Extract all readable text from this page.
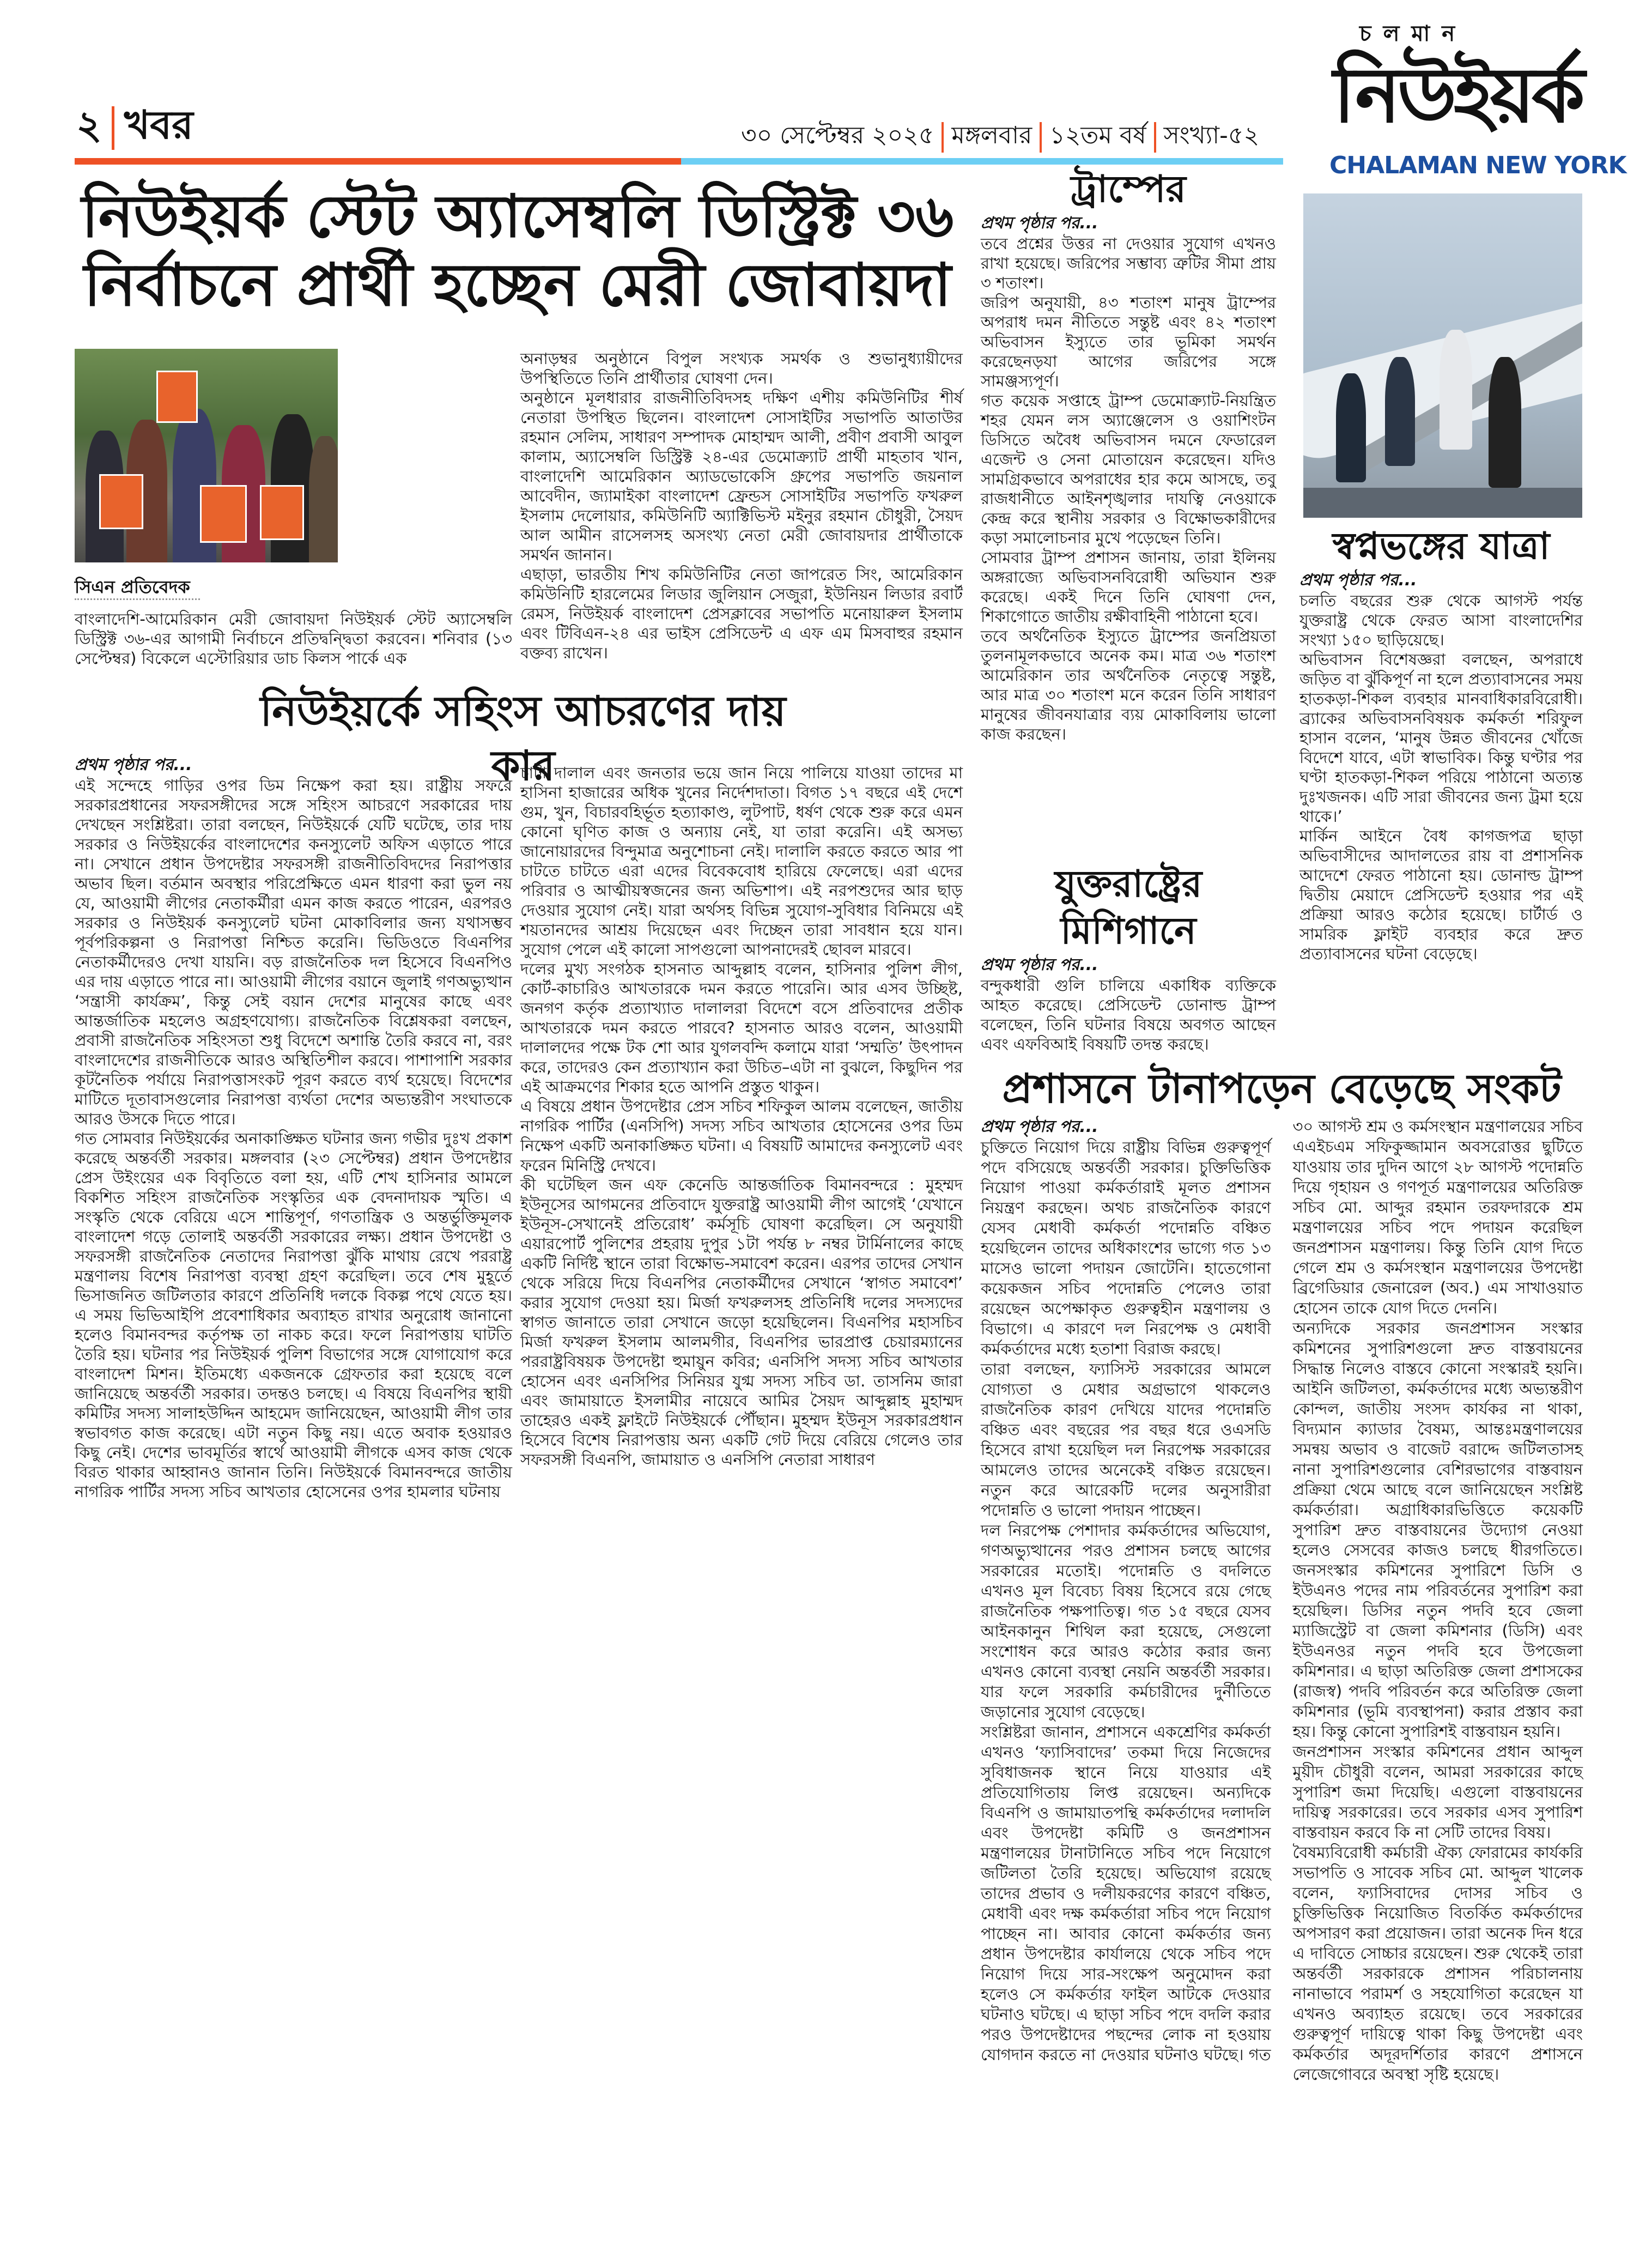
২ খবর	৩০ সেপ্টেম্বর ২০২৫ মঙ্গলবার ১২তম বর্ষ সংখ্যা-৫২
চলমান
নিউইয়র্ক
CHALAMAN NEW YORK
নিউইয়র্ক স্টেট অ্যাসেম্বলি ডিস্ট্রিক্ট ৩৬
নির্বাচনে প্রার্থী হচ্ছেন মেরী জোবায়দা
সিএন প্রতিবেদক

বাংলাদেশি-আমেরিকান মেরী জোবায়দা নিউইয়র্ক স্টেট অ্যাসেম্বলি ডিস্ট্রিক্ট ৩৬-এর আগামী নির্বাচনে প্রতিদ্বন্দ্বিতা করবেন। শনিবার (১৩ সেপ্টেম্বর) বিকেলে এস্টোরিয়ার ডাচ কিলস পার্কে এক

অনাড়ম্বর অনুষ্ঠানে বিপুল সংখ্যক সমর্থক ও শুভানুধ্যায়ীদের উপস্থিতিতে তিনি প্রার্থীতার ঘোষণা দেন।

অনুষ্ঠানে মূলধারার রাজনীতিবিদসহ দক্ষিণ এশীয় কমিউনিটির শীর্ষ নেতারা উপস্থিত ছিলেন। বাংলাদেশ সোসাইটির সভাপতি আতাউর রহমান সেলিম, সাধারণ সম্পাদক মোহাম্মদ আলী, প্রবীণ প্রবাসী আবুল কালাম, অ্যাসেম্বলি ডিস্ট্রিক্ট ২৪-এর ডেমোক্র্যাট প্রার্থী মাহতাব খান, বাংলাদেশি আমেরিকান অ্যাডভোকেসি গ্রুপের সভাপতি জয়নাল আবেদীন, জ্যামাইকা বাংলাদেশ ফ্রেন্ডস সোসাইটির সভাপতি ফখরুল ইসলাম দেলোয়ার, কমিউনিটি অ্যাক্টিভিস্ট মইনুর রহমান চৌধুরী, সৈয়দ আল আমীন রাসেলসহ অসংখ্য নেতা মেরী জোবায়দার প্রার্থীতাকে সমর্থন জানান।

এছাড়া, ভারতীয় শিখ কমিউনিটির নেতা জাপরেত সিং, আমেরিকান কমিউনিটি হারলেমের লিডার জুলিয়ান সেজুরা, ইউনিয়ন লিডার রবার্ট রেমস, নিউইয়র্ক বাংলাদেশ প্রেসক্লাবের সভাপতি মনোয়ারুল ইসলাম এবং টিবিএন-২৪ এর ভাইস প্রেসিডেন্ট এ এফ এম মিসবাহুর রহমান বক্তব্য রাখেন।

নিউইয়র্কে সহিংস আচরণের দায় কার

প্রথম পৃষ্ঠার পর...

এই সন্দেহে গাড়ির ওপর ডিম নিক্ষেপ করা হয়। রাষ্ট্রীয় সফরে সরকারপ্রধানের সফরসঙ্গীদের সঙ্গে সহিংস আচরণে সরকারের দায় দেখছেন সংশ্লিষ্টরা। তারা বলছেন, নিউইয়র্কে যেটি ঘটেছে, তার দায় সরকার ও নিউইয়র্কের বাংলাদেশের কনস্যুলেট অফিস এড়াতে পারে না। সেখানে প্রধান উপদেষ্টার সফরসঙ্গী রাজনীতিবিদদের নিরাপত্তার অভাব ছিল। বর্তমান অবস্থার পরিপ্রেক্ষিতে এমন ধারণা করা ভুল নয় যে, আওয়ামী লীগের নেতাকর্মীরা এমন কাজ করতে পারেন, এরপরও সরকার ও নিউইয়র্ক কনস্যুলেট ঘটনা মোকাবিলার জন্য যথাসম্ভব পূর্বপরিকল্পনা ও নিরাপত্তা নিশ্চিত করেনি। ভিডিওতে বিএনপির নেতাকর্মীদেরও দেখা যায়নি। বড় রাজনৈতিক দল হিসেবে বিএনপিও এর দায় এড়াতে পারে না। আওয়ামী লীগের বয়ানে জুলাই গণঅভ্যুত্থান ‘সন্ত্রাসী কার্যক্রম’, কিন্তু সেই বয়ান দেশের মানুষের কাছে এবং আন্তর্জাতিক মহলেও অগ্রহণযোগ্য। রাজনৈতিক বিশ্লেষকরা বলছেন, প্রবাসী রাজনৈতিক সহিংসতা শুধু বিদেশে অশান্তি তৈরি করবে না, বরং বাংলাদেশের রাজনীতিকে আরও অস্থিতিশীল করবে। পাশাপাশি সরকার কূটনৈতিক পর্যায়ে নিরাপত্তাসংকট পূরণ করতে ব্যর্থ হয়েছে। বিদেশের মাটিতে দূতাবাসগুলোর নিরাপত্তা ব্যর্থতা দেশের অভ্যন্তরীণ সংঘাতকে আরও উসকে দিতে পারে।

গত সোমবার নিউইয়র্কের অনাকাঙ্ক্ষিত ঘটনার জন্য গভীর দুঃখ প্রকাশ করেছে অন্তর্বর্তী সরকার। মঙ্গলবার (২৩ সেপ্টেম্বর) প্রধান উপদেষ্টার প্রেস উইংয়ের এক বিবৃতিতে বলা হয়, এটি শেখ হাসিনার আমলে বিকশিত সহিংস রাজনৈতিক সংস্কৃতির এক বেদনাদায়ক স্মৃতি। এ সংস্কৃতি থেকে বেরিয়ে এসে শান্তিপূর্ণ, গণতান্ত্রিক ও অন্তর্ভুক্তিমূলক বাংলাদেশ গড়ে তোলাই অন্তর্বর্তী সরকারের লক্ষ্য। প্রধান উপদেষ্টা ও সফরসঙ্গী রাজনৈতিক নেতাদের নিরাপত্তা ঝুঁকি মাথায় রেখে পররাষ্ট্র মন্ত্রণালয় বিশেষ নিরাপত্তা ব্যবস্থা গ্রহণ করেছিল। তবে শেষ মুহূর্তে ভিসাজনিত জটিলতার কারণে প্রতিনিধি দলকে বিকল্প পথে যেতে হয়। এ সময় ভিভিআইপি প্রবেশাধিকার অব্যাহত রাখার অনুরোধ জানানো হলেও বিমানবন্দর কর্তৃপক্ষ তা নাকচ করে। ফলে নিরাপত্তায় ঘাটতি তৈরি হয়। ঘটনার পর নিউইয়র্ক পুলিশ বিভাগের সঙ্গে যোগাযোগ করে বাংলাদেশ মিশন। ইতিমধ্যে একজনকে গ্রেফতার করা হয়েছে বলে জানিয়েছে অন্তর্বর্তী সরকার। তদন্তও চলছে। এ বিষয়ে বিএনপির স্থায়ী কমিটির সদস্য সালাহউদ্দিন আহমেদ জানিয়েছেন, আওয়ামী লীগ তার স্বভাবগত কাজ করেছে। এটা নতুন কিছু নয়। এতে অবাক হওয়ারও কিছু নেই। দেশের ভাবমূর্তির স্বার্থে আওয়ামী লীগকে এসব কাজ থেকে বিরত থাকার আহ্বানও জানান তিনি। নিউইয়র্কে বিমানবন্দরে জাতীয় নাগরিক পার্টির সদস্য সচিব আখতার হোসেনের ওপর হামলার ঘটনায়

চাটা দালাল এবং জনতার ভয়ে জান নিয়ে পালিয়ে যাওয়া তাদের মা হাসিনা হাজারের অধিক খুনের নির্দেশদাতা। বিগত ১৭ বছরে এই দেশে গুম, খুন, বিচারবহির্ভূত হত্যাকাণ্ড, লুটপাট, ধর্ষণ থেকে শুরু করে এমন কোনো ঘৃণিত কাজ ও অন্যায় নেই, যা তারা করেনি। এই অসভ্য জানোয়ারদের বিন্দুমাত্র অনুশোচনা নেই। দালালি করতে করতে আর পা চাটতে চাটতে এরা এদের বিবেকবোধ হারিয়ে ফেলেছে। এরা এদের পরিবার ও আত্মীয়স্বজনের জন্য অভিশাপ। এই নরপশুদের আর ছাড় দেওয়ার সুযোগ নেই। যারা অর্থসহ বিভিন্ন সুযোগ-সুবিধার বিনিময়ে এই শয়তানদের আশ্রয় দিয়েছেন এবং দিচ্ছেন তারা সাবধান হয়ে যান। সুযোগ পেলে এই কালো সাপগুলো আপনাদেরই ছোবল মারবে।

দলের মুখ্য সংগঠক হাসনাত আব্দুল্লাহ বলেন, হাসিনার পুলিশ লীগ, কোর্ট-কাচারিও আখতারকে দমন করতে পারেনি। আর এসব উচ্ছিষ্ট, জনগণ কর্তৃক প্রত্যাখ্যাত দালালরা বিদেশে বসে প্রতিবাদের প্রতীক আখতারকে দমন করতে পারবে? হাসনাত আরও বলেন, আওয়ামী দালালদের পক্ষে টক শো আর যুগলবন্দি কলামে যারা ‘সম্মতি’ উৎপাদন করে, তাদেরও কেন প্রত্যাখ্যান করা উচিত–এটা না বুঝলে, কিছুদিন পর এই আক্রমণের শিকার হতে আপনি প্রস্তুত থাকুন।

এ বিষয়ে প্রধান উপদেষ্টার প্রেস সচিব শফিকুল আলম বলেছেন, জাতীয় নাগরিক পার্টির (এনসিপি) সদস্য সচিব আখতার হোসেনের ওপর ডিম নিক্ষেপ একটি অনাকাঙ্ক্ষিত ঘটনা। এ বিষয়টি আমাদের কনস্যুলেট এবং ফরেন মিনিস্ট্রি দেখবে।

কী ঘটেছিল জন এফ কেনেডি আন্তর্জাতিক বিমানবন্দরে : মুহম্মদ ইউনূসের আগমনের প্রতিবাদে যুক্তরাষ্ট্র আওয়ামী লীগ আগেই ‘যেখানে ইউনূস-সেখানেই প্রতিরোধ’ কর্মসূচি ঘোষণা করেছিল। সে অনুযায়ী এয়ারপোর্ট পুলিশের প্রহরায় দুপুর ১টা পর্যন্ত ৮ নম্বর টার্মিনালের কাছে একটি নির্দিষ্ট স্থানে তারা বিক্ষোভ-সমাবেশ করেন। এরপর তাদের সেখান থেকে সরিয়ে দিয়ে বিএনপির নেতাকর্মীদের সেখানে ‘স্বাগত সমাবেশ’ করার সুযোগ দেওয়া হয়। মির্জা ফখরুলসহ প্রতিনিধি দলের সদস্যদের স্বাগত জানাতে তারা সেখানে জড়ো হয়েছিলেন। বিএনপির মহাসচিব মির্জা ফখরুল ইসলাম আলমগীর, বিএনপির ভারপ্রাপ্ত চেয়ারম্যানের পররাষ্ট্রবিষয়ক উপদেষ্টা হুমায়ুন কবির; এনসিপি সদস্য সচিব আখতার হোসেন এবং এনসিপির সিনিয়র যুগ্ম সদস্য সচিব ডা. তাসনিম জারা এবং জামায়াতে ইসলামীর নায়েবে আমির সৈয়দ আব্দুল্লাহ মুহাম্মদ তাহেরও একই ফ্লাইটে নিউইয়র্কে পৌঁছান। মুহম্মদ ইউনূস সরকারপ্রধান হিসেবে বিশেষ নিরাপত্তায় অন্য একটি গেট দিয়ে বেরিয়ে গেলেও তার সফরসঙ্গী বিএনপি, জামায়াত ও এনসিপি নেতারা সাধারণ

ট্রাম্পের

প্রথম পৃষ্ঠার পর...

তবে প্রশ্নের উত্তর না দেওয়ার সুযোগ এখনও রাখা হয়েছে। জরিপের সম্ভাব্য ত্রুটির সীমা প্রায় ৩ শতাংশ।

জরিপ অনুযায়ী, ৪৩ শতাংশ মানুষ ট্রাম্পের অপরাধ দমন নীতিতে সন্তুষ্ট এবং ৪২ শতাংশ অভিবাসন ইস্যুতে তার ভূমিকা সমর্থন করেছেনড়যা আগের জরিপের সঙ্গে সামঞ্জস্যপূর্ণ।

গত কয়েক সপ্তাহে ট্রাম্প ডেমোক্র্যাট-নিয়ন্ত্রিত শহর যেমন লস অ্যাঞ্জেলেস ও ওয়াশিংটন ডিসিতে অবৈধ অভিবাসন দমনে ফেডারেল এজেন্ট ও সেনা মোতায়েন করেছেন। যদিও সামগ্রিকভাবে অপরাধের হার কমে আসছে, তবু রাজধানীতে আইনশৃঙ্খলার দাযত্বি নেওয়াকে কেন্দ্র করে স্থানীয় সরকার ও বিক্ষোভকারীদের কড়া সমালোচনার মুখে পড়েছেন তিনি।

সোমবার ট্রাম্প প্রশাসন জানায়, তারা ইলিনয় অঙ্গরাজ্যে অভিবাসনবিরোধী অভিযান শুরু করেছে। একই দিনে তিনি ঘোষণা দেন, শিকাগোতে জাতীয় রক্ষীবাহিনী পাঠানো হবে।

তবে অর্থনৈতিক ইস্যুতে ট্রাম্পের জনপ্রিয়তা তুলনামূলকভাবে অনেক কম। মাত্র ৩৬ শতাংশ আমেরিকান তার অর্থনৈতিক নেতৃত্বে সন্তুষ্ট, আর মাত্র ৩০ শতাংশ মনে করেন তিনি সাধারণ মানুষের জীবনযাত্রার ব্যয় মোকাবিলায় ভালো কাজ করছেন।

যুক্তরাষ্ট্রের মিশিগানে

প্রথম পৃষ্ঠার পর...

বন্দুকধারী গুলি চালিয়ে একাধিক ব্যক্তিকে আহত করেছে। প্রেসিডেন্ট ডোনাল্ড ট্রাম্প বলেছেন, তিনি ঘটনার বিষয়ে অবগত আছেন এবং এফবিআই বিষয়টি তদন্ত করছে।

স্বপ্নভঙ্গের যাত্রা

প্রথম পৃষ্ঠার পর...

চলতি বছরের শুরু থেকে আগস্ট পর্যন্ত যুক্তরাষ্ট্র থেকে ফেরত আসা বাংলাদেশির সংখ্যা ১৫০ ছাড়িয়েছে।

অভিবাসন বিশেষজ্ঞরা বলছেন, অপরাধে জড়িত বা ঝুঁকিপূর্ণ না হলে প্রত্যাবাসনের সময় হাতকড়া-শিকল ব্যবহার মানবাধিকারবিরোধী। ব্র্যাকের অভিবাসনবিষয়ক কর্মকর্তা শরিফুল হাসান বলেন, ‘মানুষ উন্নত জীবনের খোঁজে বিদেশে যাবে, এটা স্বাভাবিক। কিন্তু ঘণ্টার পর ঘণ্টা হাতকড়া-শিকল পরিয়ে পাঠানো অত্যন্ত দুঃখজনক। এটি সারা জীবনের জন্য ট্রমা হয়ে থাকে।’

মার্কিন আইনে বৈধ কাগজপত্র ছাড়া অভিবাসীদের আদালতের রায় বা প্রশাসনিক আদেশে ফেরত পাঠানো হয়। ডোনাল্ড ট্রাম্প দ্বিতীয় মেয়াদে প্রেসিডেন্ট হওয়ার পর এই প্রক্রিয়া আরও কঠোর হয়েছে। চার্টার্ড ও সামরিক ফ্লাইট ব্যবহার করে দ্রুত প্রত্যাবাসনের ঘটনা বেড়েছে।

প্রশাসনে টানাপড়েন বেড়েছে সংকট

প্রথম পৃষ্ঠার পর...

চুক্তিতে নিয়োগ দিয়ে রাষ্ট্রীয় বিভিন্ন গুরুত্বপূর্ণ পদে বসিয়েছে অন্তর্বর্তী সরকার। চুক্তিভিত্তিক নিয়োগ পাওয়া কর্মকর্তারাই মূলত প্রশাসন নিয়ন্ত্রণ করছেন। অথচ রাজনৈতিক কারণে যেসব মেধাবী কর্মকর্তা পদোন্নতি বঞ্চিত হয়েছিলেন তাদের অধিকাংশের ভাগ্যে গত ১৩ মাসেও ভালো পদায়ন জোটেনি। হাতেগোনা কয়েকজন সচিব পদোন্নতি পেলেও তারা রয়েছেন অপেক্ষাকৃত গুরুত্বহীন মন্ত্রণালয় ও বিভাগে। এ কারণে দল নিরপেক্ষ ও মেধাবী কর্মকর্তাদের মধ্যে হতাশা বিরাজ করছে।

তারা বলছেন, ফ্যাসিস্ট সরকারের আমলে যোগ্যতা ও মেধার অগ্রভাগে থাকলেও রাজনৈতিক কারণ দেখিয়ে যাদের পদোন্নতি বঞ্চিত এবং বছরের পর বছর ধরে ওএসডি হিসেবে রাখা হয়েছিল দল নিরপেক্ষ সরকারের আমলেও তাদের অনেকেই বঞ্চিত রয়েছেন। নতুন করে আরেকটি দলের অনুসারীরা পদোন্নতি ও ভালো পদায়ন পাচ্ছেন।

দল নিরপেক্ষ পেশাদার কর্মকর্তাদের অভিযোগ, গণঅভ্যুত্থানের পরও প্রশাসন চলছে আগের সরকারের মতোই। পদোন্নতি ও বদলিতে এখনও মূল বিবেচ্য বিষয় হিসেবে রয়ে গেছে রাজনৈতিক পক্ষপাতিত্ব। গত ১৫ বছরে যেসব আইনকানুন শিথিল করা হয়েছে, সেগুলো সংশোধন করে আরও কঠোর করার জন্য এখনও কোনো ব্যবস্থা নেয়নি অন্তর্বর্তী সরকার। যার ফলে সরকারি কর্মচারীদের দুর্নীতিতে জড়ানোর সুযোগ বেড়েছে।

সংশ্লিষ্টরা জানান, প্রশাসনে একশ্রেণির কর্মকর্তা এখনও ‘ফ্যাসিবাদের’ তকমা দিয়ে নিজেদের সুবিধাজনক স্থানে নিয়ে যাওয়ার এই প্রতিযোগিতায় লিপ্ত রয়েছেন। অন্যদিকে বিএনপি ও জামায়াতপন্থি কর্মকর্তাদের দলাদলি এবং উপদেষ্টা কমিটি ও জনপ্রশাসন মন্ত্রণালয়ের টানাটানিতে সচিব পদে নিয়োগে জটিলতা তৈরি হয়েছে। অভিযোগ রয়েছে তাদের প্রভাব ও দলীয়করণের কারণে বঞ্চিত, মেধাবী এবং দক্ষ কর্মকর্তারা সচিব পদে নিয়োগ পাচ্ছেন না। আবার কোনো কর্মকর্তার জন্য প্রধান উপদেষ্টার কার্যালয়ে থেকে সচিব পদে নিয়োগ দিয়ে সার-সংক্ষেপ অনুমোদন করা হলেও সে কর্মকর্তার ফাইল আটকে দেওয়ার ঘটনাও ঘটছে। এ ছাড়া সচিব পদে বদলি করার পরও উপদেষ্টাদের পছন্দের লোক না হওয়ায় যোগদান করতে না দেওয়ার ঘটনাও ঘটছে। গত ৩০ আগস্ট শ্রম ও কর্মসংস্থান মন্ত্রণালয়ের সচিব এএইচএম সফিকুজ্জামান অবসরোত্তর ছুটিতে যাওয়ায় তার দুদিন আগে ২৮ আগস্ট পদোন্নতি দিয়ে গৃহায়ন ও গণপূর্ত মন্ত্রণালয়ের অতিরিক্ত সচিব মো. আব্দুর রহমান তরফদারকে শ্রম মন্ত্রণালয়ের সচিব পদে পদায়ন করেছিল জনপ্রশাসন মন্ত্রণালয়। কিন্তু তিনি যোগ দিতে গেলে শ্রম ও কর্মসংস্থান মন্ত্রণালয়ের উপদেষ্টা ব্রিগেডিয়ার জেনারেল (অব.) এম সাখাওয়াত হোসেন তাকে যোগ দিতে দেননি।

অন্যদিকে সরকার জনপ্রশাসন সংস্কার কমিশনের সুপারিশগুলো দ্রুত বাস্তবায়নের সিদ্ধান্ত নিলেও বাস্তবে কোনো সংস্কারই হয়নি। আইনি জটিলতা, কর্মকর্তাদের মধ্যে অভ্যন্তরীণ কোন্দল, জাতীয় সংসদ কার্যকর না থাকা, বিদ্যমান ক্যাডার বৈষম্য, আন্তঃমন্ত্রণালয়ের সমন্বয় অভাব ও বাজেট বরাদ্দে জটিলতাসহ নানা সুপারিশগুলোর বেশিরভাগের বাস্তবায়ন প্রক্রিয়া থেমে আছে বলে জানিয়েছেন সংশ্লিষ্ট কর্মকর্তারা। অগ্রাধিকারভিত্তিতে কয়েকটি সুপারিশ দ্রুত বাস্তবায়নের উদ্যোগ নেওয়া হলেও সেসবের কাজও চলছে ধীরগতিতে। জনসংস্কার কমিশনের সুপারিশে ডিসি ও ইউএনও পদের নাম পরিবর্তনের সুপারিশ করা হয়েছিল। ডিসির নতুন পদবি হবে জেলা ম্যাজিস্ট্রেট বা জেলা কমিশনার (ডিসি) এবং ইউএনওর নতুন পদবি হবে উপজেলা কমিশনার। এ ছাড়া অতিরিক্ত জেলা প্রশাসকের (রাজস্ব) পদবি পরিবর্তন করে অতিরিক্ত জেলা কমিশনার (ভূমি ব্যবস্থাপনা) করার প্রস্তাব করা হয়। কিন্তু কোনো সুপারিশই বাস্তবায়ন হয়নি।

জনপ্রশাসন সংস্কার কমিশনের প্রধান আব্দুল মুয়ীদ চৌধুরী বলেন, আমরা সরকারের কাছে সুপারিশ জমা দিয়েছি। এগুলো বাস্তবায়নের দায়িত্ব সরকারের। তবে সরকার এসব সুপারিশ বাস্তবায়ন করবে কি না সেটি তাদের বিষয়।

বৈষম্যবিরোধী কর্মচারী ঐক্য ফোরামের কার্যকরি সভাপতি ও সাবেক সচিব মো. আব্দুল খালেক বলেন, ফ্যাসিবাদের দোসর সচিব ও চুক্তিভিত্তিক নিয়োজিত বিতর্কিত কর্মকর্তাদের অপসারণ করা প্রয়োজন। তারা অনেক দিন ধরে এ দাবিতে সোচ্চার রয়েছেন। শুরু থেকেই তারা অন্তর্বর্তী সরকারকে প্রশাসন পরিচালনায় নানাভাবে পরামর্শ ও সহযোগিতা করেছেন যা এখনও অব্যাহত রয়েছে। তবে সরকারের গুরুত্বপূর্ণ দায়িত্বে থাকা কিছু উপদেষ্টা এবং কর্মকর্তার অদূরদর্শিতার কারণে প্রশাসনে লেজেগোবরে অবস্থা সৃষ্টি হয়েছে।
